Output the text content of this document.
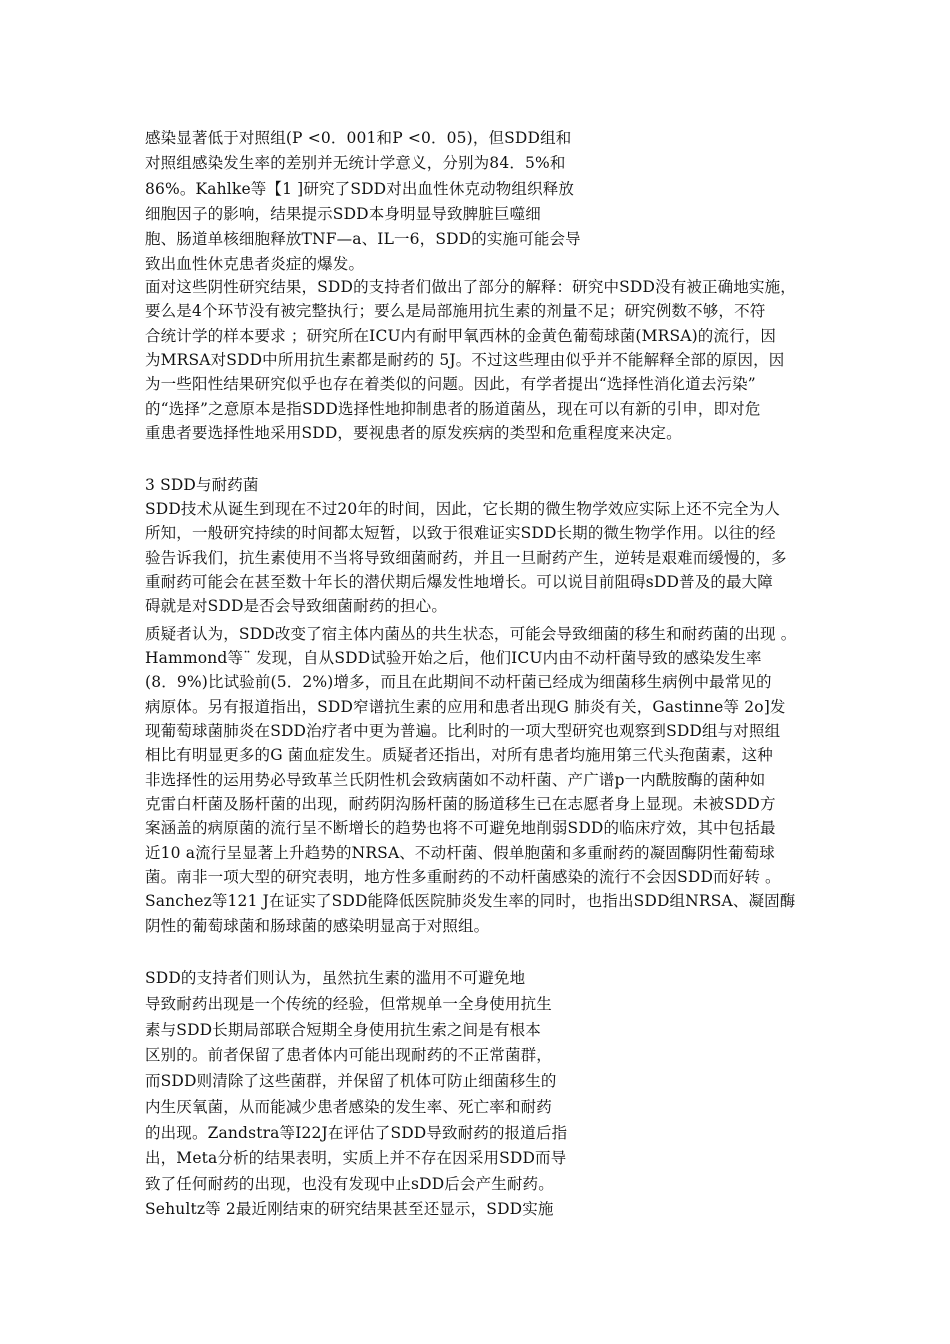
感染显著低于对照组(P <0．001和P <0．05)，但SDD组和
对照组感染发生率的差别并无统计学意义，分别为84．5%和
86%。Kahlke等【1 ]研究了SDD对出血性休克动物组织释放
细胞因子的影响，结果提示SDD本身明显导致脾脏巨噬细
胞、肠道单核细胞释放TNF—a、IL一6，SDD的实施可能会导
致出血性休克患者炎症的爆发。
面对这些阴性研究结果，SDD的支持者们做出了部分的解释：研究中SDD没有被正确地实施，
要么是4个环节没有被完整执行；要么是局部施用抗生素的剂量不足；研究例数不够，不符
合统计学的样本要求 ；研究所在ICU内有耐甲氧西林的金黄色葡萄球菌(MRSA)的流行，因
为MRSA对SDD中所用抗生素都是耐药的 5J。不过这些理由似乎并不能解释全部的原因，因
为一些阳性结果研究似乎也存在着类似的问题。因此，有学者提出“选择性消化道去污染”
的“选择”之意原本是指SDD选择性地抑制患者的肠道菌丛，现在可以有新的引申，即对危
重患者要选择性地采用SDD，要视患者的原发疾病的类型和危重程度来决定。
3 SDD与耐药菌
SDD技术从诞生到现在不过20年的时间，因此，它长期的微生物学效应实际上还不完全为人
所知，一般研究持续的时间都太短暂，以致于很难证实SDD长期的微生物学作用。以往的经
验告诉我们，抗生素使用不当将导致细菌耐药，并且一旦耐药产生，逆转是艰难而缓慢的，多
重耐药可能会在甚至数十年长的潜伏期后爆发性地增长。可以说目前阻碍sDD普及的最大障
碍就是对SDD是否会导致细菌耐药的担心。
质疑者认为，SDD改变了宿主体内菌丛的共生状态，可能会导致细菌的移生和耐药菌的出现 。
Hammond等¨ 发现，自从SDD试验开始之后，他们ICU内由不动杆菌导致的感染发生率
(8．9%)比试验前(5．2%)增多，而且在此期间不动杆菌已经成为细菌移生病例中最常见的
病原体。另有报道指出，SDD窄谱抗生素的应用和患者出现G 肺炎有关，Gastinne等 2o]发
现葡萄球菌肺炎在SDD治疗者中更为普遍。比利时的一项大型研究也观察到SDD组与对照组
相比有明显更多的G 菌血症发生。质疑者还指出，对所有患者均施用第三代头孢菌素，这种
非选择性的运用势必导致革兰氏阴性机会致病菌如不动杆菌、产广谱p一内酰胺酶的菌种如
克雷白杆菌及肠杆菌的出现，耐药阴沟肠杆菌的肠道移生已在志愿者身上显现。未被SDD方
案涵盖的病原菌的流行呈不断增长的趋势也将不可避免地削弱SDD的临床疗效，其中包括最
近10 a流行呈显著上升趋势的NRSA、不动杆菌、假单胞菌和多重耐药的凝固酶阴性葡萄球
菌。南非一项大型的研究表明，地方性多重耐药的不动杆菌感染的流行不会因SDD而好转 。
Sanchez等121 J在证实了SDD能降低医院肺炎发生率的同时，也指出SDD组NRSA、凝固酶
阴性的葡萄球菌和肠球菌的感染明显高于对照组。
SDD的支持者们则认为，虽然抗生素的滥用不可避免地
导致耐药出现是一个传统的经验，但常规单一全身使用抗生
素与SDD长期局部联合短期全身使用抗生索之间是有根本
区别的。前者保留了患者体内可能出现耐药的不正常菌群，
而SDD则清除了这些菌群，并保留了机体可防止细菌移生的
内生厌氧菌，从而能减少患者感染的发生率、死亡率和耐药
的出现。Zandstra等I22J在评估了SDD导致耐药的报道后指
出，Meta分析的结果表明，实质上并不存在因采用SDD而导
致了任何耐药的出现，也没有发现中止sDD后会产生耐药。
Sehultz等 2最近刚结束的研究结果甚至还显示，SDD实施
